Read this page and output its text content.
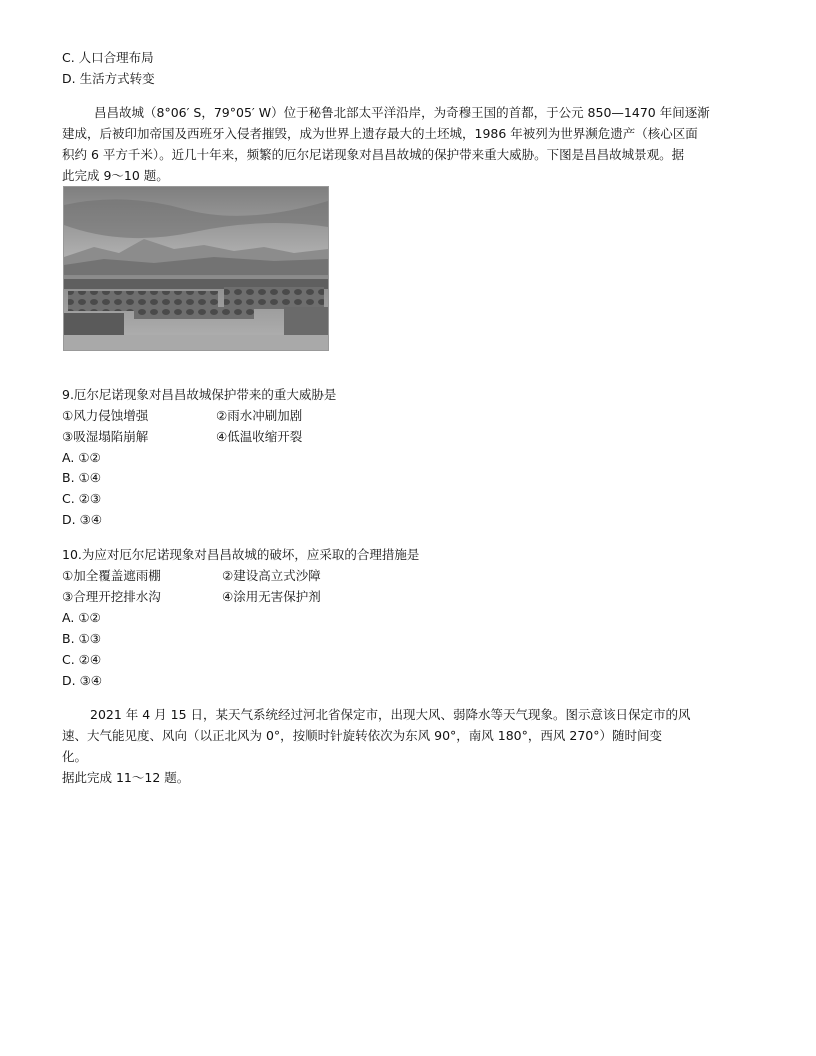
C. 人口合理布局
D. 生活方式转变
昌昌故城（8°06′ S，79°05′ W）位于秘鲁北部太平洋沿岸，为奇穆王国的首都，于公元 850—1470 年间逐渐
建成，后被印加帝国及西班牙入侵者摧毁，成为世界上遗存最大的土坯城，1986 年被列为世界濒危遗产（核心区面
积约 6 平方千米）。近几十年来，频繁的厄尔尼诺现象对昌昌故城的保护带来重大威胁。下图是昌昌故城景观。据
此完成 9～10 题。
9.厄尔尼诺现象对昌昌故城保护带来的重大威胁是
①风力侵蚀增强	②雨水冲刷加剧
③吸湿塌陷崩解	④低温收缩开裂
A. ①②
B. ①④
C. ②③
D. ③④
10.为应对厄尔尼诺现象对昌昌故城的破坏，应采取的合理措施是
①加全覆盖遮雨棚	②建设高立式沙障
③合理开挖排水沟	④涂用无害保护剂
A. ①②
B. ①③
C. ②④
D. ③④
2021 年 4 月 15 日，某天气系统经过河北省保定市，出现大风、弱降水等天气现象。图示意该日保定市的风
速、大气能见度、风向（以正北风为 0°，按顺时针旋转依次为东风 90°，南风 180°，西风 270°）随时间变
化。
据此完成 11～12 题。
